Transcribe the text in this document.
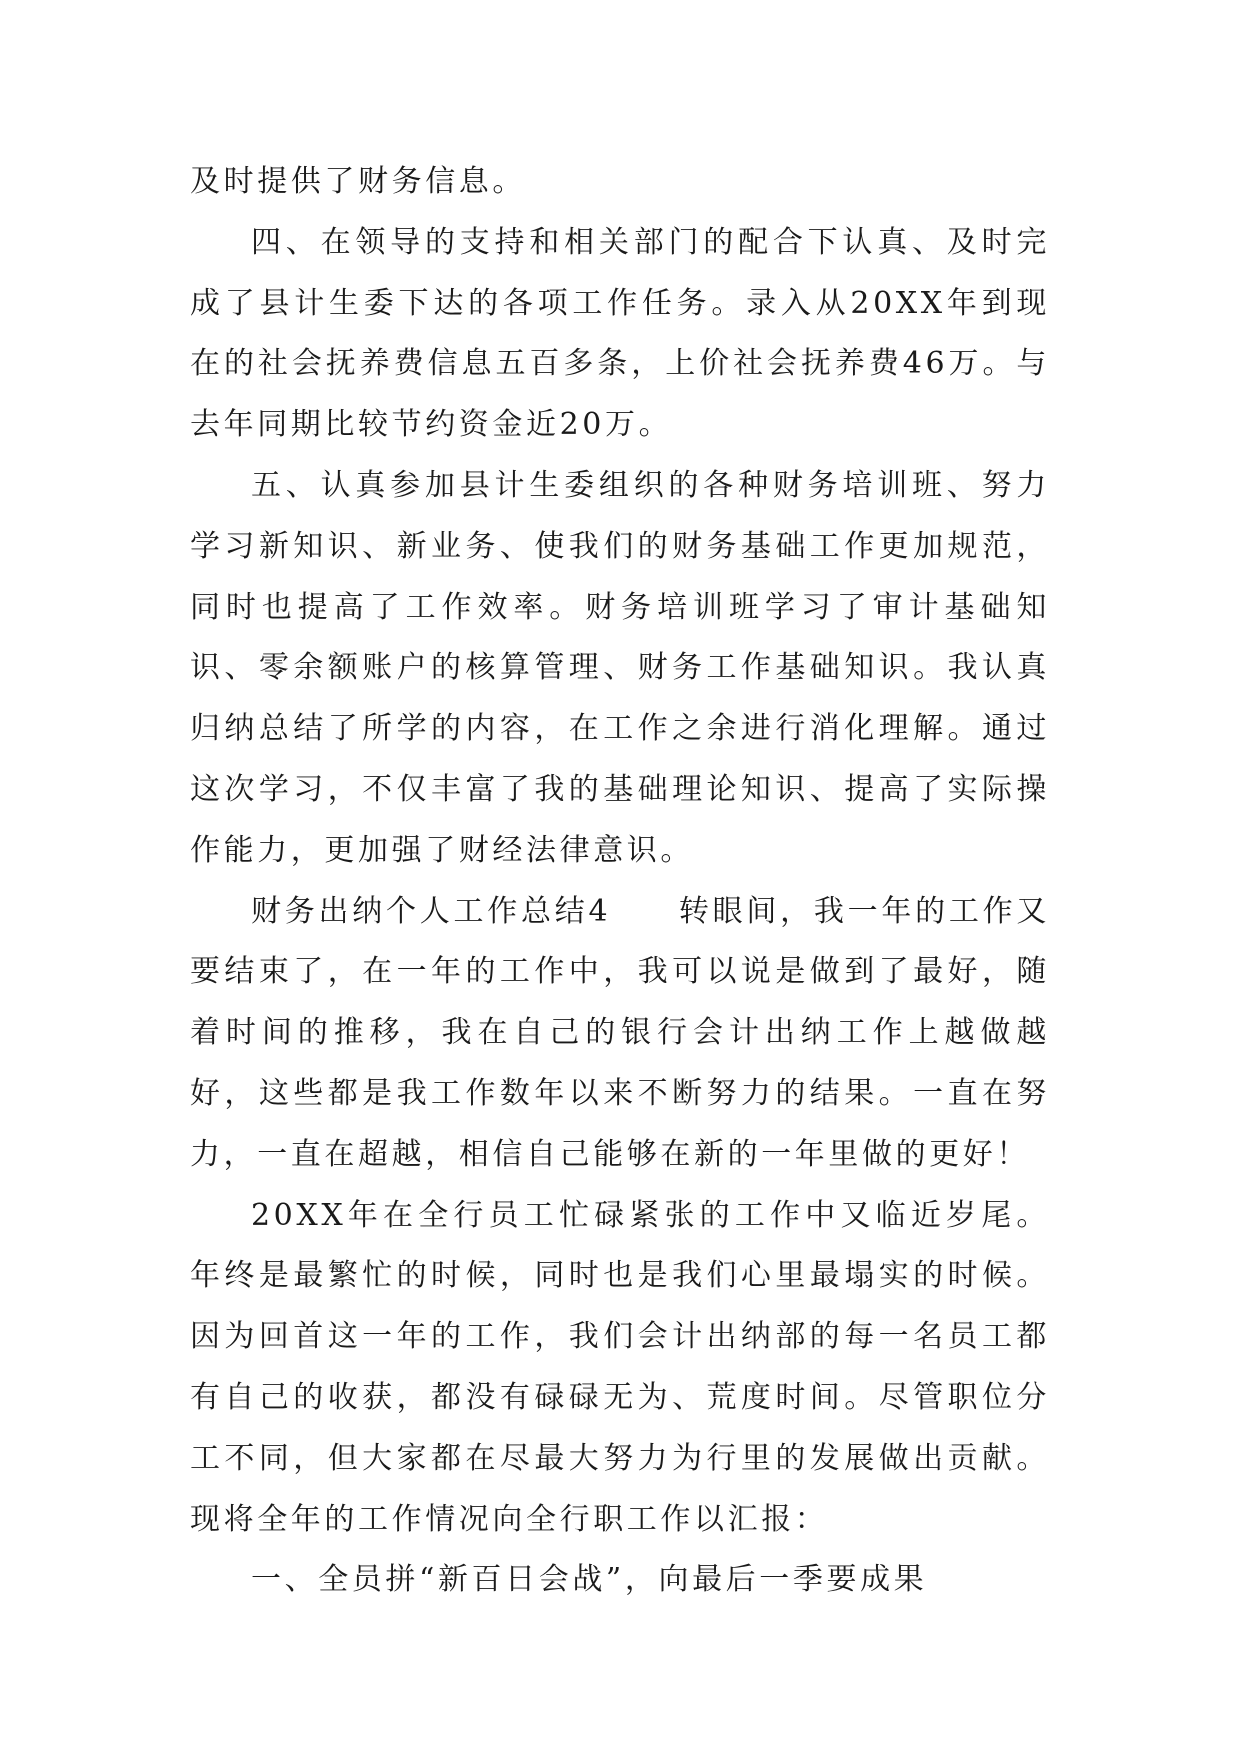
及时提供了财务信息。

四、在领导的支持和相关部门的配合下认真、及时完成了县计生委下达的各项工作任务。录入从20XX年到现在的社会抚养费信息五百多条，上价社会抚养费46万。与去年同期比较节约资金近20万。

五、认真参加县计生委组织的各种财务培训班、努力学习新知识、新业务、使我们的财务基础工作更加规范，同时也提高了工作效率。财务培训班学习了审计基础知识、零余额账户的核算管理、财务工作基础知识。我认真归纳总结了所学的内容，在工作之余进行消化理解。通过这次学习，不仅丰富了我的基础理论知识、提高了实际操作能力，更加强了财经法律意识。

财务出纳个人工作总结4　　转眼间，我一年的工作又要结束了，在一年的工作中，我可以说是做到了最好，随着时间的推移，我在自己的银行会计出纳工作上越做越好，这些都是我工作数年以来不断努力的结果。一直在努力，一直在超越，相信自己能够在新的一年里做的更好！

20XX年在全行员工忙碌紧张的工作中又临近岁尾。年终是最繁忙的时候，同时也是我们心里最塌实的时候。因为回首这一年的工作，我们会计出纳部的每一名员工都有自己的收获，都没有碌碌无为、荒度时间。尽管职位分工不同，但大家都在尽最大努力为行里的发展做出贡献。现将全年的工作情况向全行职工作以汇报：

一、全员拼“新百日会战”，向最后一季要成果
